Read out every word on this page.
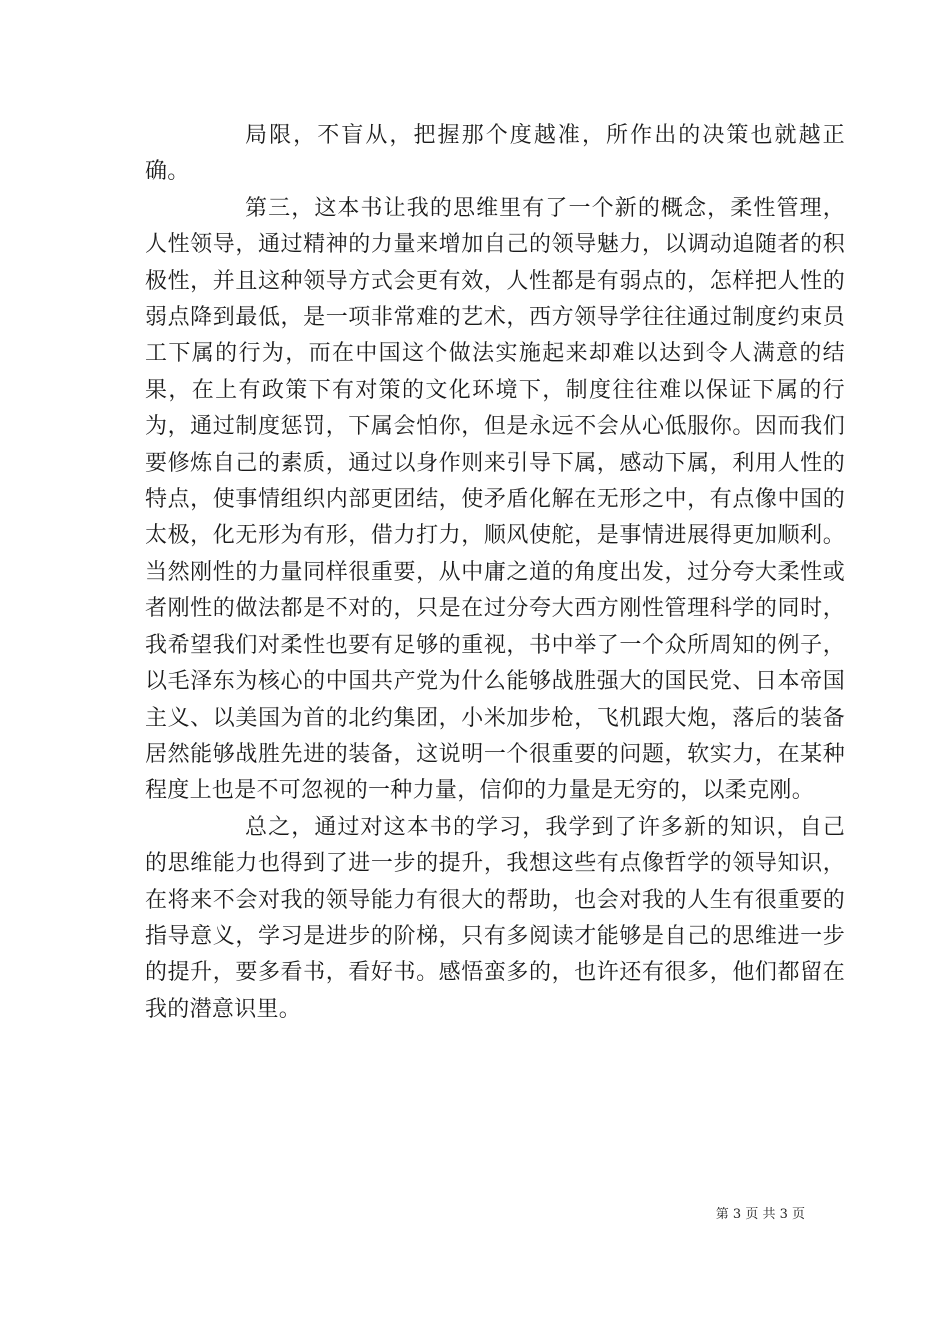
局限，不盲从，把握那个度越准，所作出的决策也就越正确。

第三，这本书让我的思维里有了一个新的概念，柔性管理，人性领导，通过精神的力量来增加自己的领导魅力，以调动追随者的积极性，并且这种领导方式会更有效，人性都是有弱点的，怎样把人性的弱点降到最低，是一项非常难的艺术，西方领导学往往通过制度约束员工下属的行为，而在中国这个做法实施起来却难以达到令人满意的结果，在上有政策下有对策的文化环境下，制度往往难以保证下属的行为，通过制度惩罚，下属会怕你，但是永远不会从心低服你。因而我们要修炼自己的素质，通过以身作则来引导下属，感动下属，利用人性的特点，使事情组织内部更团结，使矛盾化解在无形之中，有点像中国的太极，化无形为有形，借力打力，顺风使舵，是事情进展得更加顺利。当然刚性的力量同样很重要，从中庸之道的角度出发，过分夸大柔性或者刚性的做法都是不对的，只是在过分夸大西方刚性管理科学的同时，我希望我们对柔性也要有足够的重视，书中举了一个众所周知的例子，以毛泽东为核心的中国共产党为什么能够战胜强大的国民党、日本帝国主义、以美国为首的北约集团，小米加步枪，飞机跟大炮，落后的装备居然能够战胜先进的装备，这说明一个很重要的问题，软实力，在某种程度上也是不可忽视的一种力量，信仰的力量是无穷的，以柔克刚。

总之，通过对这本书的学习，我学到了许多新的知识，自己的思维能力也得到了进一步的提升，我想这些有点像哲学的领导知识，在将来不会对我的领导能力有很大的帮助，也会对我的人生有很重要的指导意义，学习是进步的阶梯，只有多阅读才能够是自己的思维进一步的提升，要多看书，看好书。感悟蛮多的，也许还有很多，他们都留在我的潜意识里。

第 3 页 共 3 页
